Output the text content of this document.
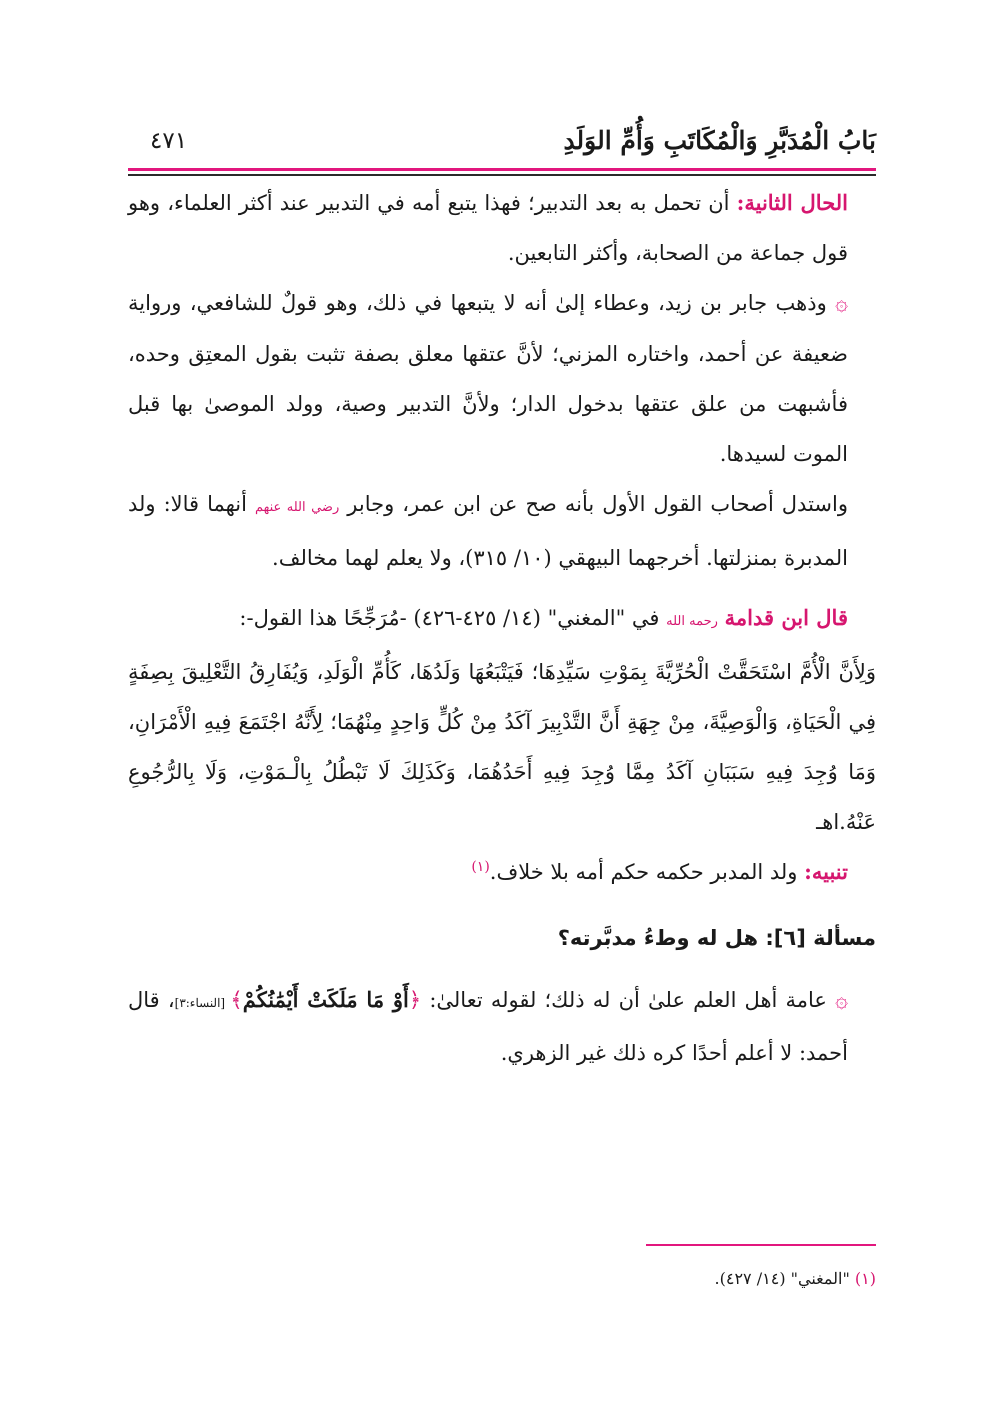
بَابُ الْمُدَبَّرِ وَالْمُكَاتَبِ وَأُمِّ الوَلَدِ
٤٧١

الحال الثانية: أن تحمل به بعد التدبير؛ فهذا يتبع أمه في التدبير عند أكثر العلماء، وهو قول جماعة من الصحابة، وأكثر التابعين.

۞ وذهب جابر بن زيد، وعطاء إلىٰ أنه لا يتبعها في ذلك، وهو قولٌ للشافعي، ورواية ضعيفة عن أحمد، واختاره المزني؛ لأنَّ عتقها معلق بصفة تثبت بقول المعتِق وحده، فأشبهت من علق عتقها بدخول الدار؛ ولأنَّ التدبير وصية، وولد الموصىٰ بها قبل الموت لسيدها.

واستدل أصحاب القول الأول بأنه صح عن ابن عمر، وجابر رضي الله عنهم أنهما قالا: ولد المدبرة بمنزلتها. أخرجهما البيهقي (١٠/ ٣١٥)، ولا يعلم لهما مخالف.

قال ابن قدامة رحمه الله في "المغني" (١٤/ ٤٢٥-٤٢٦) -مُرَجِّحًا هذا القول-:

وَلِأَنَّ الْأُمَّ اسْتَحَقَّتْ الْحُرِّيَّةَ بِمَوْتِ سَيِّدِهَا؛ فَيَتْبَعُهَا وَلَدُهَا، كَأُمِّ الْوَلَدِ، وَيُفَارِقُ التَّعْلِيقَ بِصِفَةٍ فِي الْحَيَاةِ، وَالْوَصِيَّةَ، مِنْ جِهَةِ أَنَّ التَّدْبِيرَ آكَدُ مِنْ كُلٍّ وَاحِدٍ مِنْهُمَا؛ لِأَنَّهُ اجْتَمَعَ فِيهِ الْأَمْرَانِ، وَمَا وُجِدَ فِيهِ سَبَبَانِ آكَدُ مِمَّا وُجِدَ فِيهِ أَحَدُهُمَا، وَكَذَلِكَ لَا تَبْطُلُ بِالْـمَوْتِ، وَلَا بِالرُّجُوعِ عَنْهُ.اهـ

تنبيه: ولد المدبر حكمه حكم أمه بلا خلاف.$^{(١)}$

مسألة [٦]: هل له وطءُ مدبَّرته؟

۞ عامة أهل العلم علىٰ أن له ذلك؛ لقوله تعالىٰ: ﴿أَوْ مَا مَلَكَتْ أَيْمَٰنُكُمْ﴾ [النساء:٣]، قال أحمد: لا أعلم أحدًا كره ذلك غير الزهري.

(١) "المغني" (١٤/ ٤٢٧).
